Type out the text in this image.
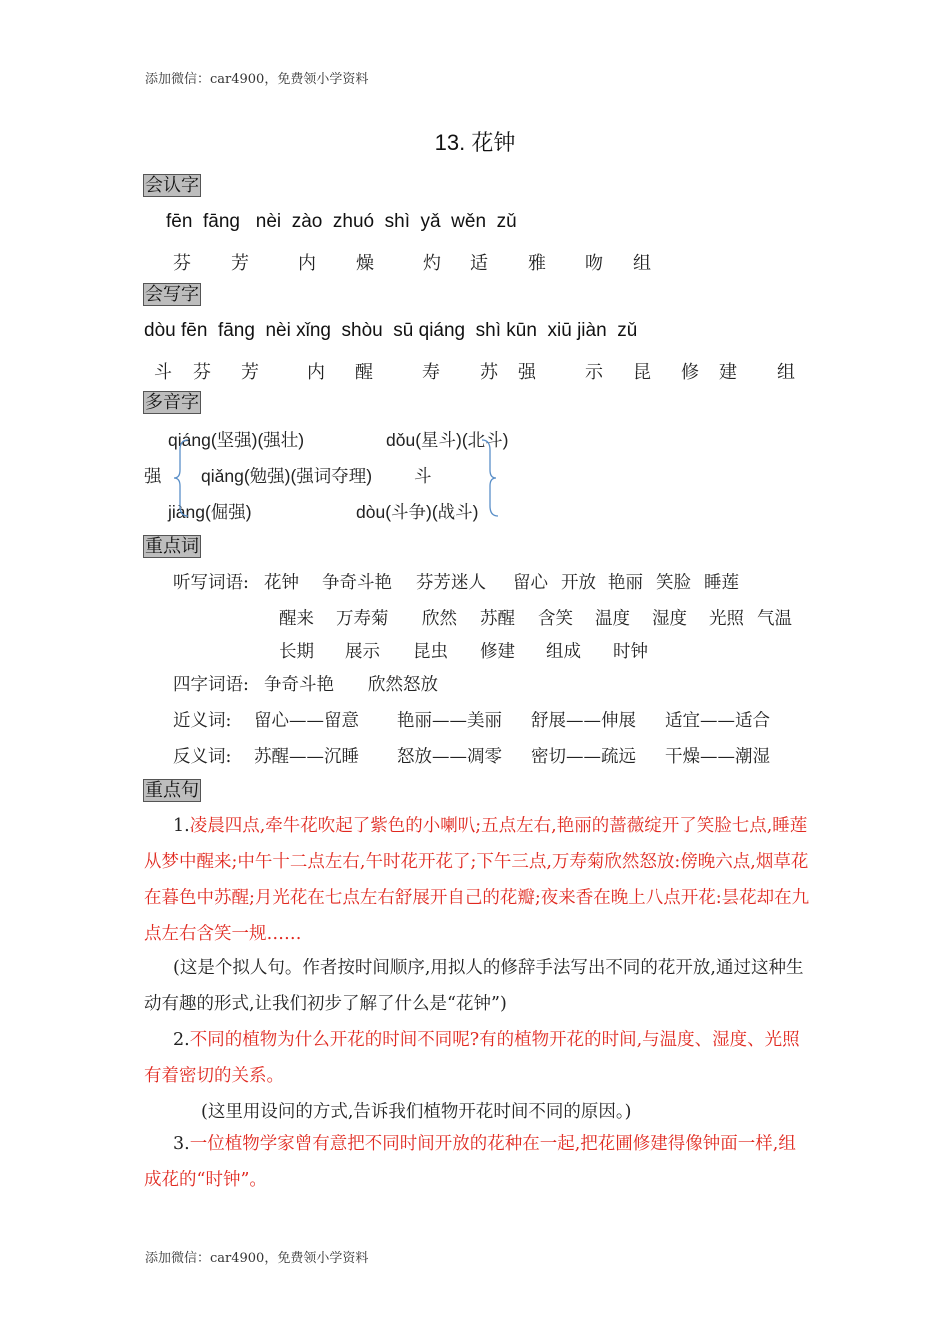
添加微信：car4900，免费领小学资料
添加微信：car4900，免费领小学资料
13. 花钟
会认字
fēn  fāng   nèi  zào  zhuó  shì  yǎ  wěn  zǔ
芬 芳	内 燥	灼 适 雅 吻 组
会写字
dòu fēn  fāng  nèi xǐng  shòu  sū qiáng  shì kūn  xiū jiàn  zǔ
斗 芬 芳	内 醒	寿 苏 强	示 昆 修 建 组
多音字
qiáng(坚强)(强壮)
强 qiǎng(勉强)(强词夺理)
jiàng(倔强)
dǒu(星斗)(北斗)
斗
dòu(斗争)(战斗)
重点词
听写词语: 花钟 争奇斗艳 芬芳迷人 留心 开放 艳丽 笑脸 睡莲
醒来 万寿菊 欣然 苏醒 含笑 温度 湿度 光照 气温
长期 展示 昆虫 修建 组成 时钟
四字词语: 争奇斗艳 欣然怒放
近义词: 留心——留意 艳丽——美丽 舒展——伸展 适宜——适合
反义词: 苏醒——沉睡 怒放——凋零 密切——疏远 干燥——潮湿
重点句
1.凌晨四点,牵牛花吹起了紫色的小喇叭;五点左右,艳丽的蔷薇绽开了笑脸七点,睡莲从梦中醒来;中午十二点左右,午时花开花了;下午三点,万寿菊欣然怒放:傍晚六点,烟草花在暮色中苏醒;月光花在七点左右舒展开自己的花瓣;夜来香在晚上八点开花:昙花却在九点左右含笑一规……
(这是个拟人句。作者按时间顺序,用拟人的修辞手法写出不同的花开放,通过这种生动有趣的形式,让我们初步了解了什么是“花钟”)
2.不同的植物为什么开花的时间不同呢?有的植物开花的时间,与温度、湿度、光照有着密切的关系。
(这里用设问的方式,告诉我们植物开花时间不同的原因。)
3.一位植物学家曾有意把不同时间开放的花种在一起,把花圃修建得像钟面一样,组成花的“时钟”。
